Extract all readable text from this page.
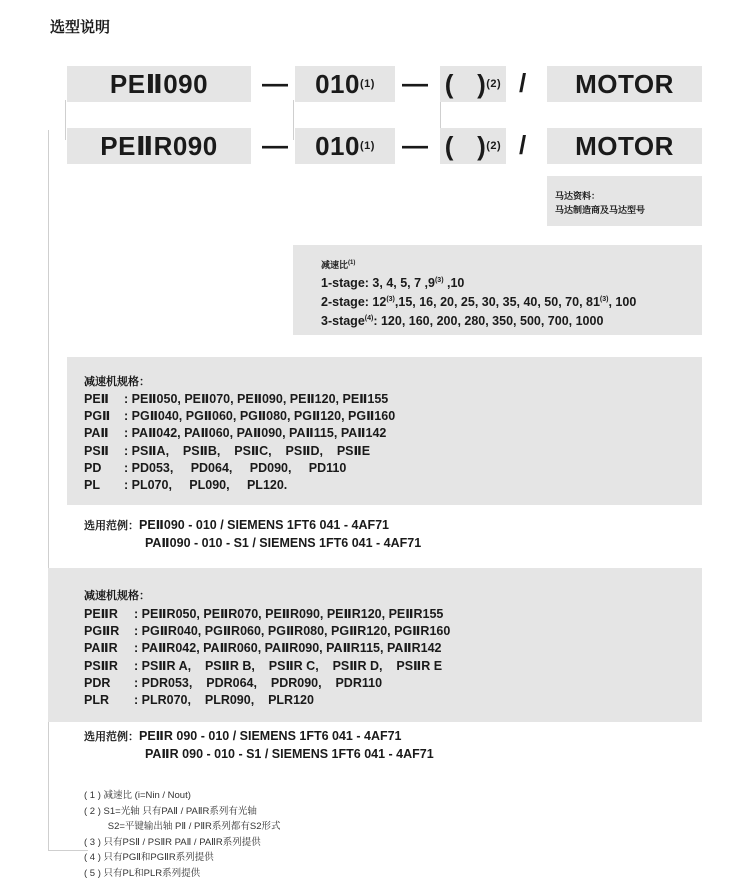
选型说明
PEⅡ090 — 010 (1) — (   ) (2) / MOTOR
PEⅡR090 — 010 (1) — (   ) (2) / MOTOR
马达资料：
马达制造商及马达型号
减速比$^{(1)}$
1-stage: 3, 4, 5, 7 ,9$^{(3)}$ ,10
2-stage: 12$^{(3)}$,15, 16, 20, 25, 30, 35, 40, 50, 70, 81$^{(3)}$, 100
3-stage$^{(4)}$: 120, 160, 200, 280, 350, 500, 700, 1000
减速机规格：
PEⅡ : PEⅡ050, PEⅡ070, PEⅡ090, PEⅡ120, PEⅡ155
PGⅡ : PGⅡ040, PGⅡ060, PGⅡ080, PGⅡ120, PGⅡ160
PAⅡ : PAⅡ042, PAⅡ060, PAⅡ090, PAⅡ115, PAⅡ142
PSⅡ : PSⅡA,    PSⅡB,    PSⅡC,    PSⅡD,    PSⅡE
PD : PD053,     PD064,     PD090,     PD110
PL : PL070,     PL090,     PL120.
选用范例：PEⅡ090 - 010 / SIEMENS 1FT6 041 - 4AF71
PAⅡ090 - 010 - S1 / SIEMENS 1FT6 041 - 4AF71
减速机规格：
PEⅡR : PEⅡR050, PEⅡR070, PEⅡR090, PEⅡR120, PEⅡR155
PGⅡR : PGⅡR040, PGⅡR060, PGⅡR080, PGⅡR120, PGⅡR160
PAⅡR : PAⅡR042, PAⅡR060, PAⅡR090, PAⅡR115, PAⅡR142
PSⅡR : PSⅡR A,    PSⅡR B,    PSⅡR C,    PSⅡR D,    PSⅡR E
PDR : PDR053,    PDR064,    PDR090,    PDR110
PLR : PLR070,    PLR090,    PLR120
选用范例：PEⅡR 090 - 010 / SIEMENS 1FT6 041 - 4AF71
PAⅡR 090 - 010 - S1 / SIEMENS 1FT6 041 - 4AF71
( 1 ) 减速比 (i=Nin / Nout)
( 2 ) S1=光轴 只有PAⅡ / PAⅡR系列有光轴
S2=平键输出轴 PⅡ / PⅡR系列都有S2形式
( 3 ) 只有PSⅡ / PSⅡR PAⅡ / PAⅡR系列提供
( 4 ) 只有PGⅡ和PGⅡR系列提供
( 5 ) 只有PL和PLR系列提供
